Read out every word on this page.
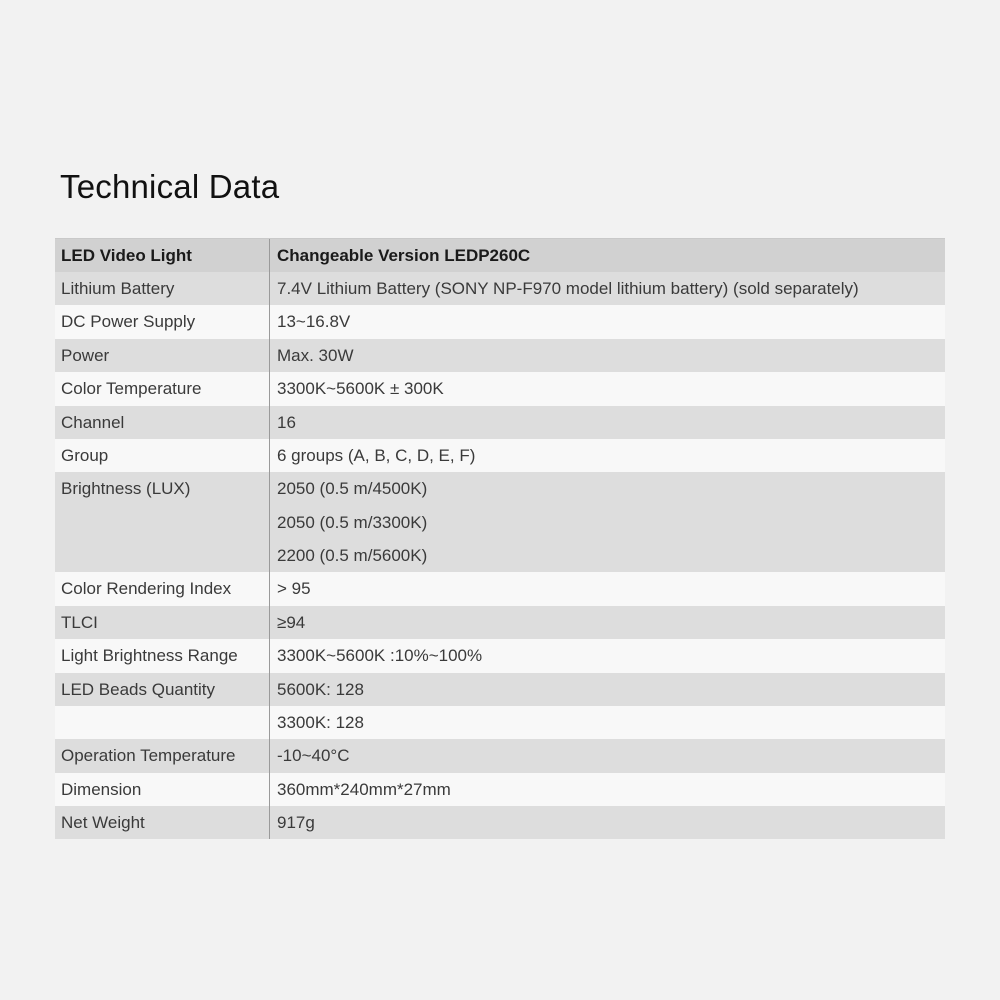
Technical Data
LED Video Light	Changeable Version LEDP260C
Lithium Battery	7.4V Lithium Battery (SONY NP-F970 model lithium battery) (sold separately)
DC Power Supply	13~16.8V
Power	Max. 30W
Color Temperature	3300K~5600K ± 300K
Channel	16
Group	6 groups (A, B, C, D, E, F)
Brightness (LUX)	2050 (0.5 m/4500K)
2050 (0.5 m/3300K)
2200 (0.5 m/5600K)
Color Rendering Index	> 95
TLCI	≥94
Light Brightness Range	3300K~5600K :10%~100%
LED Beads Quantity	5600K: 128
3300K: 128
Operation Temperature	-10~40°C
Dimension	360mm*240mm*27mm
Net Weight	917g
